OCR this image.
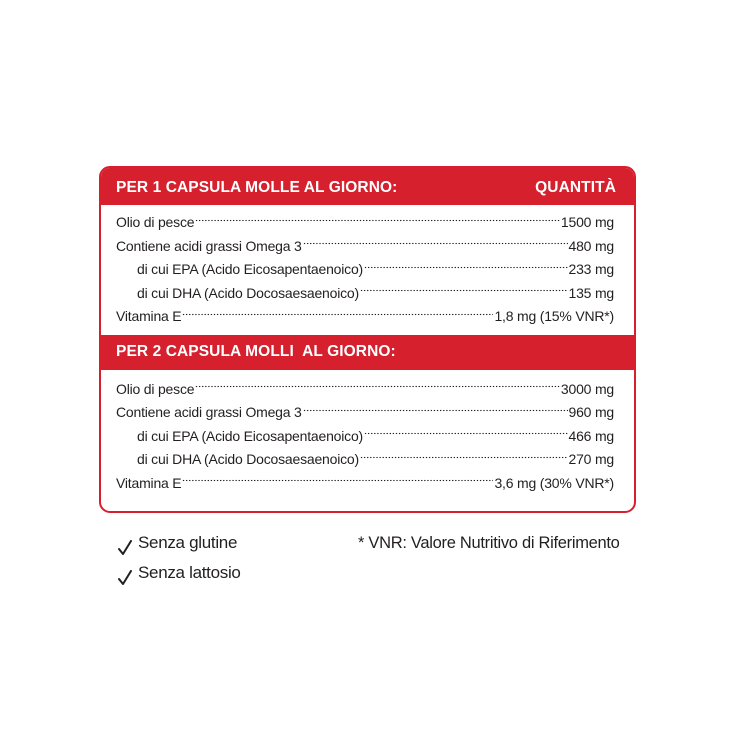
PER 1 CAPSULA MOLLE AL GIORNO:	QUANTITÀ
Olio di pesce	1500 mg
Contiene acidi grassi Omega 3	480 mg
di cui EPA (Acido Eicosapentaenoico)	233 mg
di cui DHA (Acido Docosaesaenoico)	135 mg
Vitamina E	1,8 mg (15% VNR*)
PER 2 CAPSULA MOLLI  AL GIORNO:
Olio di pesce	3000 mg
Contiene acidi grassi Omega 3	960 mg
di cui EPA (Acido Eicosapentaenoico)	466 mg
di cui DHA (Acido Docosaesaenoico)	270 mg
Vitamina E	3,6 mg (30% VNR*)
Senza glutine
Senza lattosio
* VNR: Valore Nutritivo di Riferimento
